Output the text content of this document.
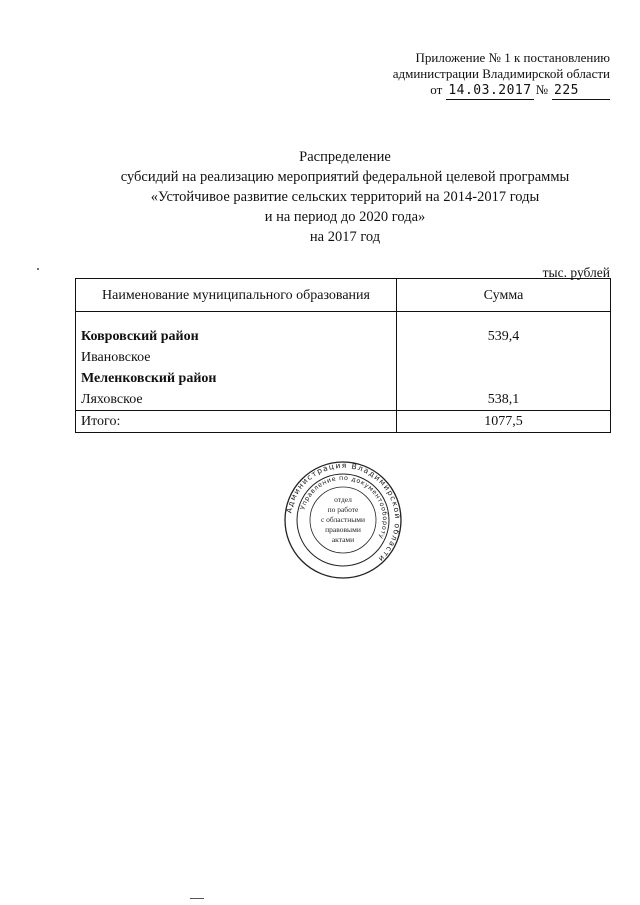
Приложение № 1 к постановлению
администрации Владимирской области
от 14.03.2017 № 225
Распределение
субсидий на реализацию мероприятий федеральной целевой программы
«Устойчивое развитие сельских территорий на 2014-2017 годы
и на период до 2020 года»
на 2017 год
тыс. рублей
Наименование муниципального образования	Сумма

Ковровский район	539,4
Ивановское	
Меленковский район	
Ляховское	538,1
Итого:	1077,5
Администрация Владимирской области
Управление по документообороту
отдел
по работе
с областными
правовыми
актами
